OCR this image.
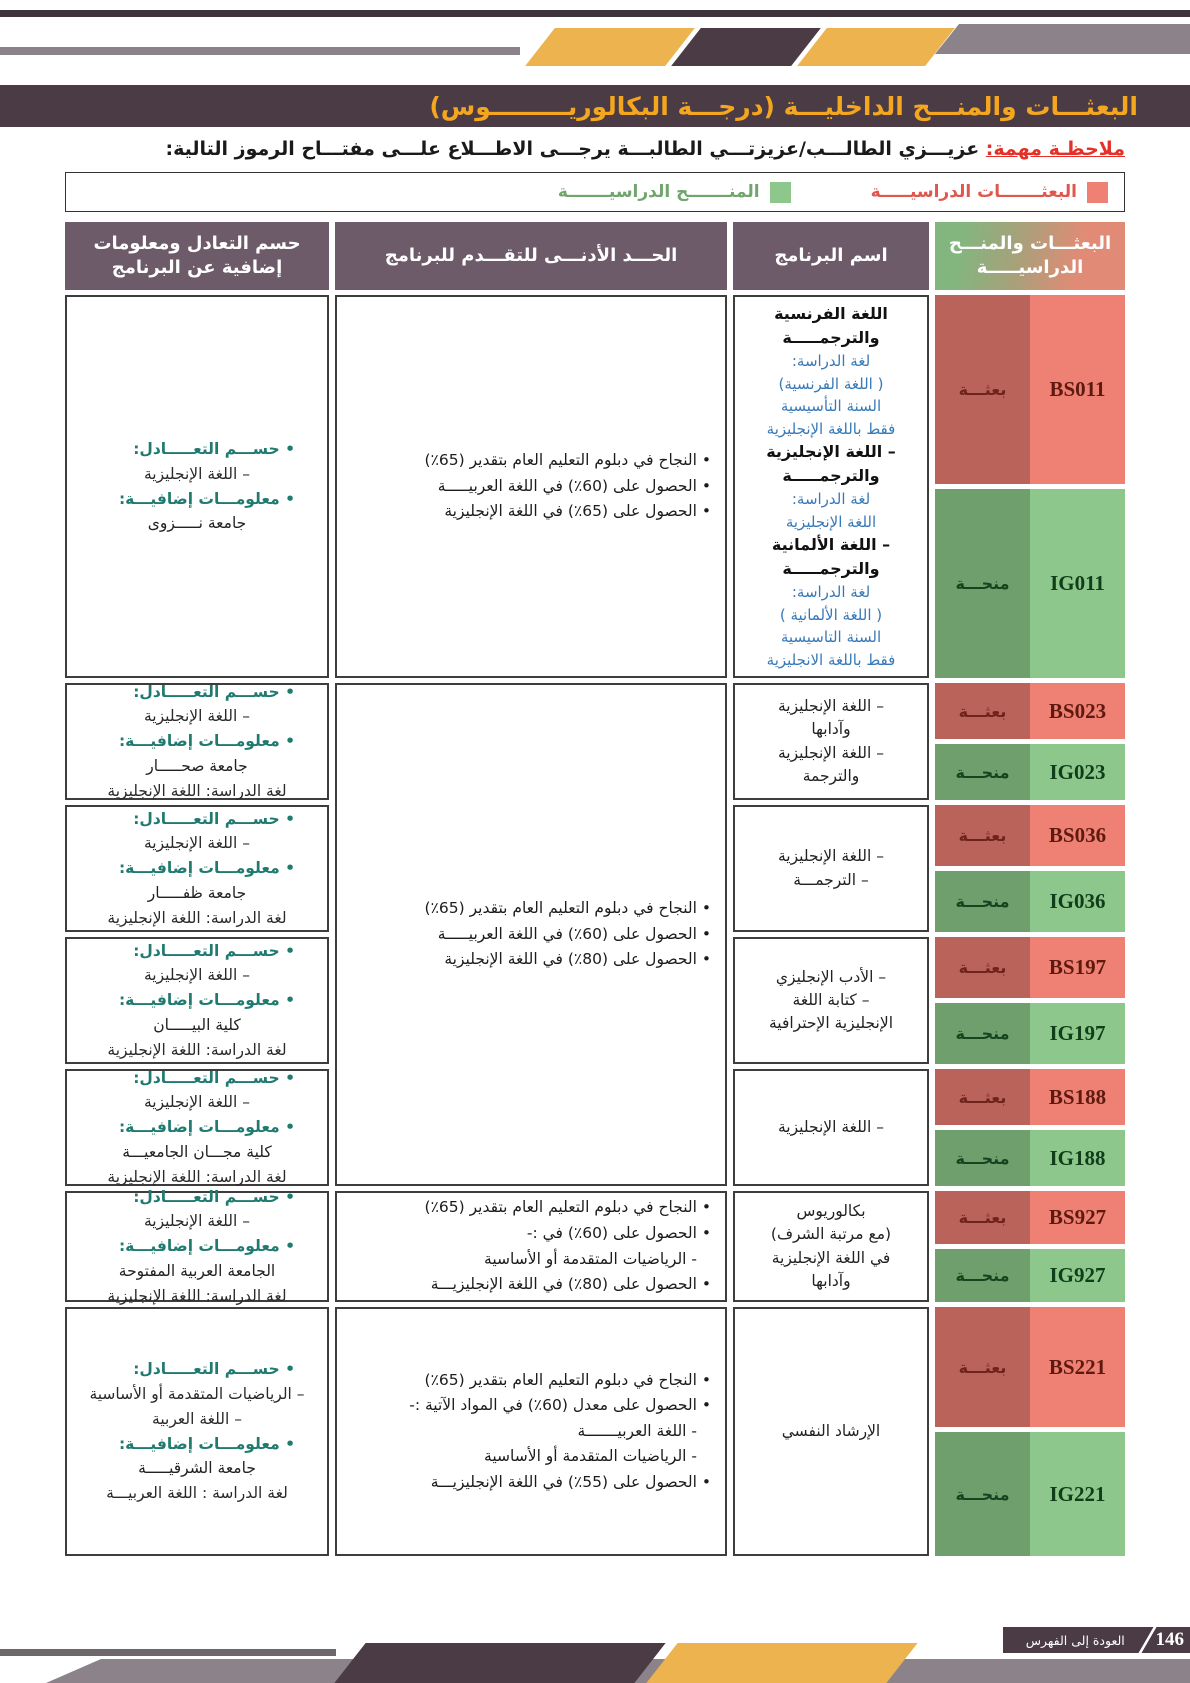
البعثـــات والمنـــح الداخليـــة (درجـــة البكالوريـــــــــوس)
ملاحظـة مهمة: عزيـــزي الطالـــب/عزيزتـــي الطالبـــة يرجـــى الاطـــلاع علـــى مفتـــاح الرموز التالية:
البعثـــــــات الدراسيـــــة
المنـــــــح الدراسيـــــــة
البعثـــات والمنـــح الدراسيـــــة
اسم البرنامج
الحـــد الأدنـــى للتقـــدم للبرنامج
حسم التعادل ومعلومات إضافية عن البرنامج
BS011
بعثـــة
IG011
منحـــة
اللغة الفرنسية
والترجمـــــة
لغة الدراسة:
( اللغة الفرنسية)
السنة التأسيسية
فقط باللغة الإنجليزية
– اللغة الإنجليزية
والترجمـــــة
لغة الدراسة:
اللغة الإنجليزية
– اللغة الألمانية
والترجمـــــة
لغة الدراسة:
( اللغة الألمانية )
السنة التاسيسية
فقط باللغة الانجليزية
• حســـم التعـــــادل:
– اللغة الإنجليزية
• معلومـــات إضافيـــة:
جامعة نـــــزوى
BS023
بعثـــة
IG023
منحـــة
– اللغة الإنجليزية
وآدابها
– اللغة الإنجليزية
والترجمة
• حســـم التعـــــادل:
– اللغة الإنجليزية
• معلومـــات إضافيـــة:
جامعة صحـــــار
لغة الدراسة: اللغة الإنجليزية
BS036
بعثـــة
IG036
منحـــة
– اللغة الإنجليزية
– الترجمـــة
• حســـم التعـــــادل:
– اللغة الإنجليزية
• معلومـــات إضافيـــة:
جامعة ظفـــــار
لغة الدراسة: اللغة الإنجليزية
BS197
بعثـــة
IG197
منحـــة
– الأدب الإنجليزي
– كتابة اللغة
الإنجليزية الإحترافية
• حســـم التعـــــادل:
– اللغة الإنجليزية
• معلومـــات إضافيـــة:
كلية البيـــــان
لغة الدراسة: اللغة الإنجليزية
BS188
بعثـــة
IG188
منحـــة
– اللغة الإنجليزية
• حســـم التعـــــادل:
– اللغة الإنجليزية
• معلومـــات إضافيـــة:
كلية مجـــان الجامعيـــة
لغة الدراسة: اللغة الإنجليزية
BS927
بعثـــة
IG927
منحـــة
بكالوريوس
(مع مرتبة الشرف)
في اللغة الإنجليزية
وآدابها
• حســـم التعـــــادل:
– اللغة الإنجليزية
• معلومـــات إضافيـــة:
الجامعة العربية المفتوحة
لغة الدراسة: اللغة الإنجليزية
BS221
بعثـــة
IG221
منحـــة
الإرشاد النفسي
• حســـم التعـــــادل:
– الرياضيات المتقدمة أو الأساسية
– اللغة العربية
• معلومـــات إضافيـــة:
جامعة الشرقيـــــة
لغة الدراسة : اللغة العربيـــة
• النجاح في دبلوم التعليم العام بتقدير (65٪)
• الحصول على (60٪) في اللغة العربيـــــة
• الحصول على (65٪) في اللغة الإنجليزية
• النجاح في دبلوم التعليم العام بتقدير (65٪)
• الحصول على (60٪) في اللغة العربيـــــة
• الحصول على (80٪) في اللغة الإنجليزية
• النجاح في دبلوم التعليم العام بتقدير (65٪)
• الحصول على (60٪) في :-
- الرياضيات المتقدمة أو الأساسية
• الحصول على (80٪) في اللغة الإنجليزيـــة
• النجاح في دبلوم التعليم العام بتقدير (65٪)
• الحصول على معدل (60٪) في المواد الآتية :-
- اللغة العربيـــــــة
- الرياضيات المتقدمة أو الأساسية
• الحصول على (55٪) في اللغة الإنجليزيـــة
146
العودة إلى الفهرس
